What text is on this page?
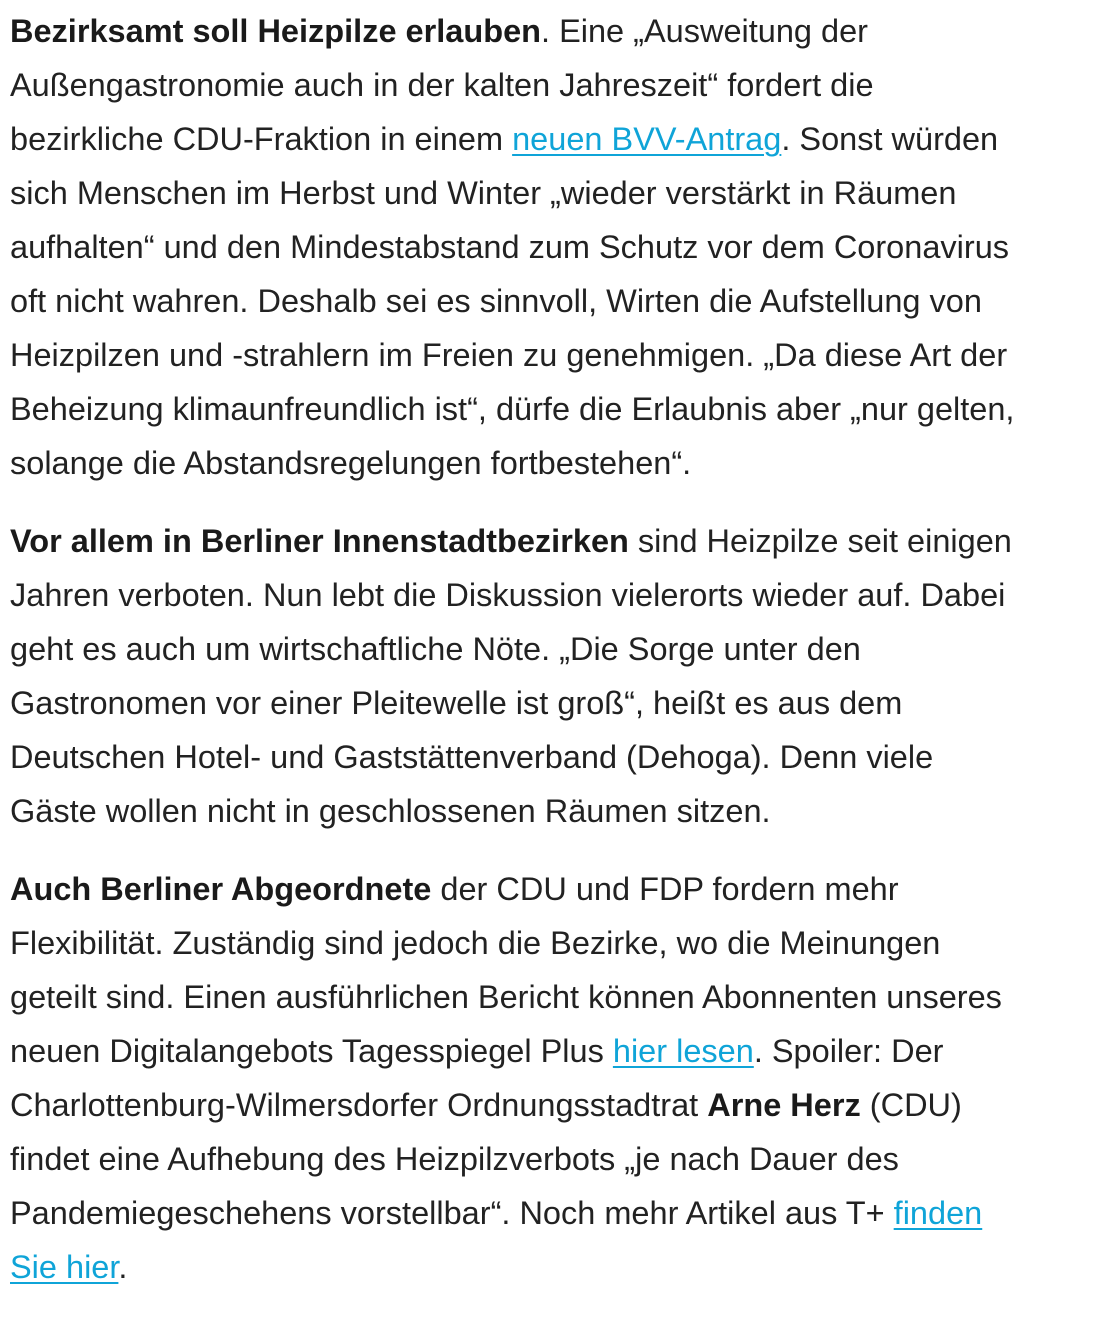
Bezirksamt soll Heizpilze erlauben. Eine „Ausweitung der
Außengastronomie auch in der kalten Jahreszeit“ fordert die
bezirkliche CDU-Fraktion in einem neuen BVV-Antrag. Sonst würden
sich Menschen im Herbst und Winter „wieder verstärkt in Räumen
aufhalten“ und den Mindestabstand zum Schutz vor dem Coronavirus
oft nicht wahren. Deshalb sei es sinnvoll, Wirten die Aufstellung von
Heizpilzen und -strahlern im Freien zu genehmigen. „Da diese Art der
Beheizung klimaunfreundlich ist“, dürfe die Erlaubnis aber „nur gelten,
solange die Abstandsregelungen fortbestehen“.

Vor allem in Berliner Innenstadtbezirken sind Heizpilze seit einigen
Jahren verboten. Nun lebt die Diskussion vielerorts wieder auf. Dabei
geht es auch um wirtschaftliche Nöte. „Die Sorge unter den
Gastronomen vor einer Pleitewelle ist groß“, heißt es aus dem
Deutschen Hotel- und Gaststättenverband (Dehoga). Denn viele
Gäste wollen nicht in geschlossenen Räumen sitzen.

Auch Berliner Abgeordnete der CDU und FDP fordern mehr
Flexibilität. Zuständig sind jedoch die Bezirke, wo die Meinungen
geteilt sind. Einen ausführlichen Bericht können Abonnenten unseres
neuen Digitalangebots Tagesspiegel Plus hier lesen. Spoiler: Der
Charlottenburg-Wilmersdorfer Ordnungsstadtrat Arne Herz (CDU)
findet eine Aufhebung des Heizpilzverbots „je nach Dauer des
Pandemiegeschehens vorstellbar“. Noch mehr Artikel aus T+ finden
Sie hier.
